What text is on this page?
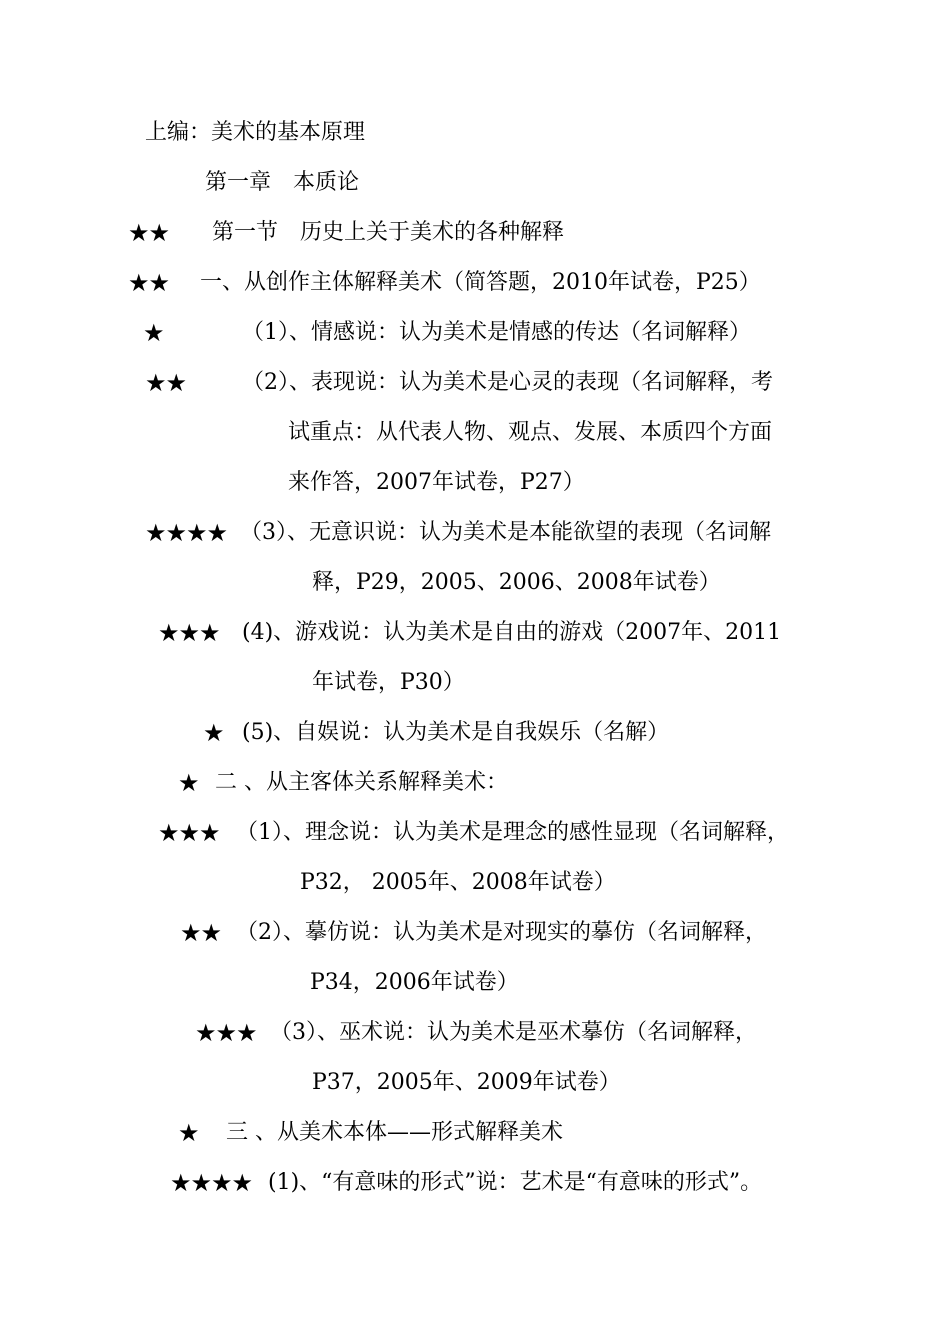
上编：美术的基本原理
第一章　本质论
★★ 第一节　历史上关于美术的各种解释
★★ 一、从创作主体解释美术（简答题，2010年试卷，P25）
★	（1）、情感说：认为美术是情感的传达（名词解释）
★★	（2）、表现说：认为美术是心灵的表现（名词解释，考
试重点：从代表人物、观点、发展、本质四个方面
来作答，2007年试卷，P27）
★★★★ （3）、无意识说：认为美术是本能欲望的表现（名词解
释，P29，2005、2006、2008年试卷）
★★★ (4)、游戏说：认为美术是自由的游戏（2007年、2011
年试卷，P30）
★ (5)、自娱说：认为美术是自我娱乐（名解）
★ 二 、从主客体关系解释美术：
★★★ （1）、理念说：认为美术是理念的感性显现（名词解释，
P32， 2005年、2008年试卷）
★★ （2）、摹仿说：认为美术是对现实的摹仿（名词解释，
P34，2006年试卷）
★★★ （3）、巫术说：认为美术是巫术摹仿（名词解释，
P37，2005年、2009年试卷）
★ 三 、从美术本体——形式解释美术
★★★★ (1)、“有意味的形式”说：艺术是“有意味的形式”。
